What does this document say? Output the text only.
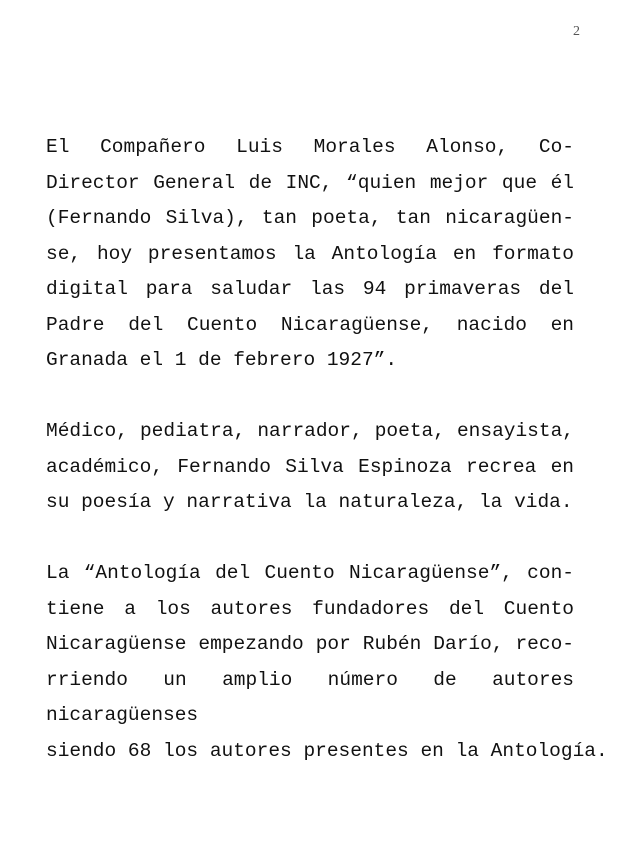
2

El Compañero Luis Morales Alonso, Co-
Director General de INC, “quien mejor que él
(Fernando Silva), tan poeta, tan nicaragüen-
se, hoy presentamos la Antología en formato
digital para saludar las 94 primaveras del
Padre del Cuento Nicaragüense, nacido en
Granada el 1 de febrero 1927”.

Médico, pediatra, narrador, poeta, ensayista,
académico, Fernando Silva Espinoza recrea en
su poesía y narrativa la naturaleza, la vida.

La “Antología del Cuento Nicaragüense”, con-
tiene a los autores fundadores del Cuento
Nicaragüense empezando por Rubén Darío, reco-
rriendo un amplio número de autores nicaragüenses
siendo 68 los autores presentes en la Antología.
